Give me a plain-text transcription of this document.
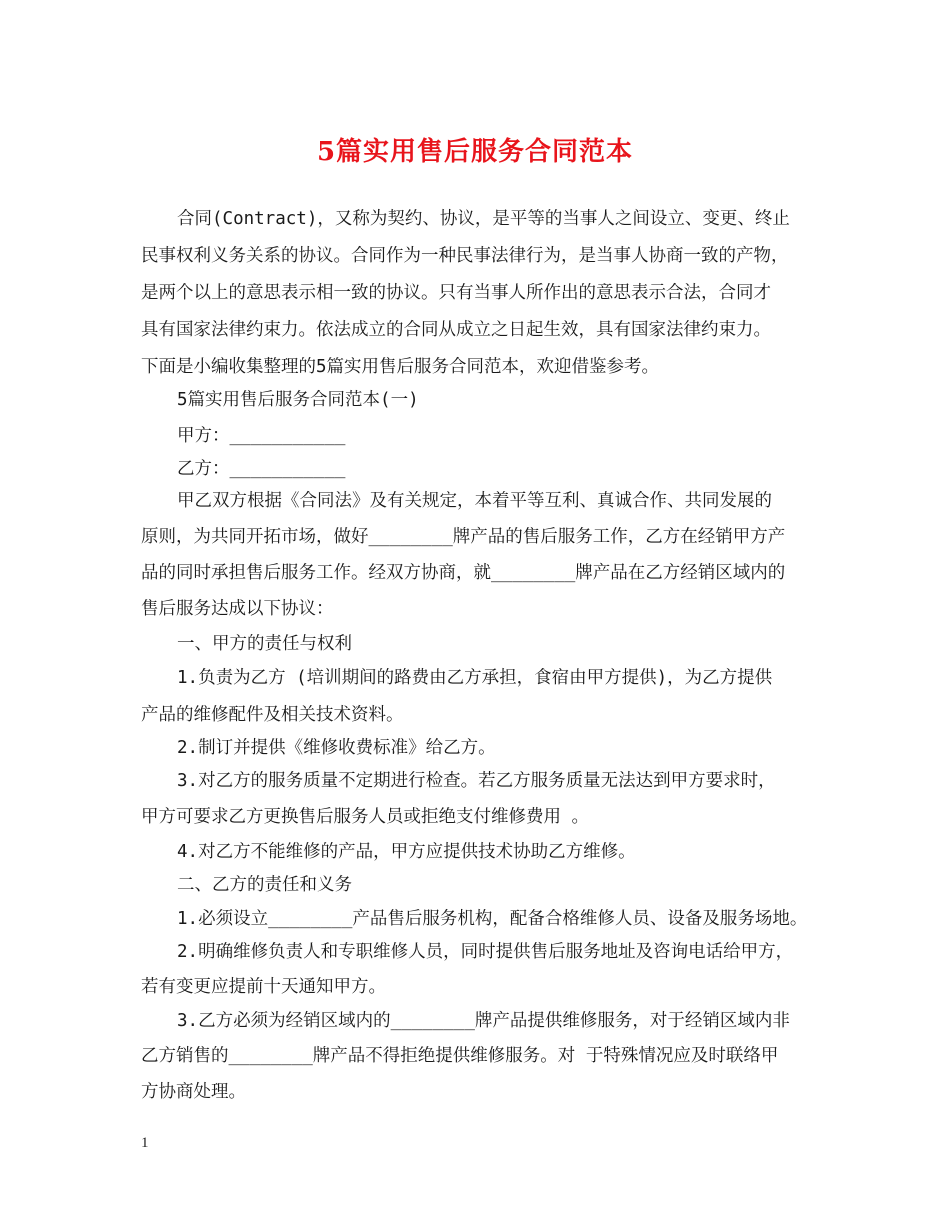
5篇实用售后服务合同范本
合同(Contract)，又称为契约、协议，是平等的当事人之间设立、变更、终止
民事权利义务关系的协议。合同作为一种民事法律行为，是当事人协商一致的产物，
是两个以上的意思表示相一致的协议。只有当事人所作出的意思表示合法，合同才
具有国家法律约束力。依法成立的合同从成立之日起生效，具有国家法律约束力。
下面是小编收集整理的5篇实用售后服务合同范本，欢迎借鉴参考。
5篇实用售后服务合同范本(一)
甲方：___________
乙方：___________
甲乙双方根据《合同法》及有关规定，本着平等互利、真诚合作、共同发展的
原则，为共同开拓市场，做好________牌产品的售后服务工作，乙方在经销甲方产
品的同时承担售后服务工作。经双方协商，就________牌产品在乙方经销区域内的
售后服务达成以下协议：
一、甲方的责任与权利
1.负责为乙方 (培训期间的路费由乙方承担，食宿由甲方提供)，为乙方提供
产品的维修配件及相关技术资料。
2.制订并提供《维修收费标准》给乙方。
3.对乙方的服务质量不定期进行检查。若乙方服务质量无法达到甲方要求时，
甲方可要求乙方更换售后服务人员或拒绝支付维修费用 。
4.对乙方不能维修的产品，甲方应提供技术协助乙方维修。
二、乙方的责任和义务
1.必须设立________产品售后服务机构，配备合格维修人员、设备及服务场地。
2.明确维修负责人和专职维修人员，同时提供售后服务地址及咨询电话给甲方，
若有变更应提前十天通知甲方。
3.乙方必须为经销区域内的________牌产品提供维修服务，对于经销区域内非
乙方销售的________牌产品不得拒绝提供维修服务。对 于特殊情况应及时联络甲
方协商处理。
1
